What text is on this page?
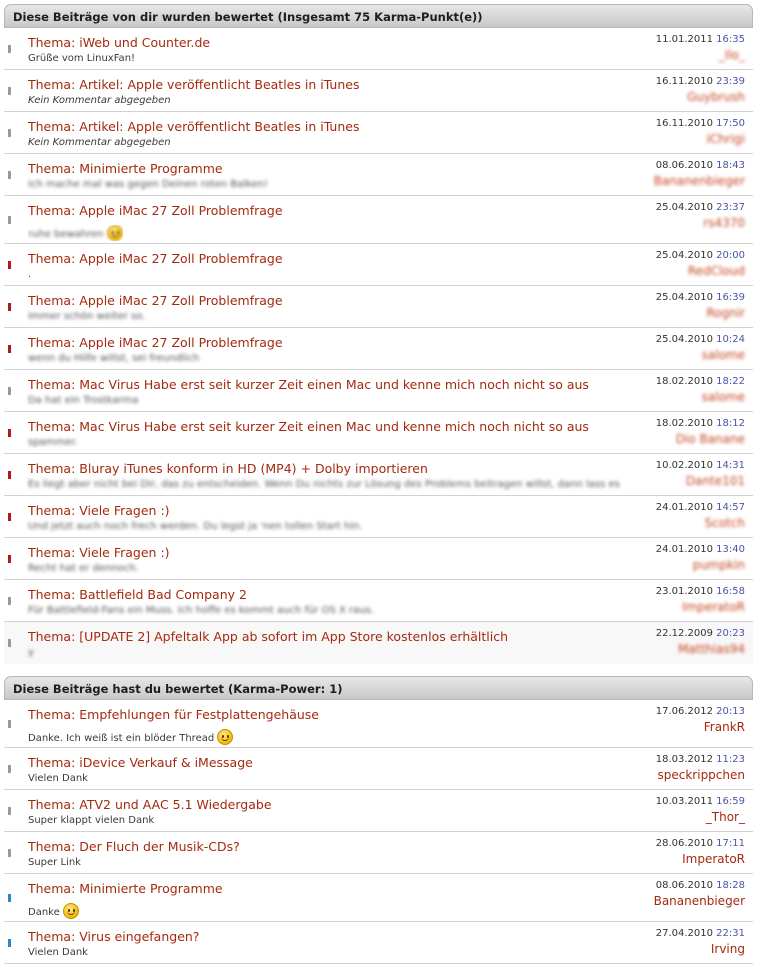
Diese Beiträge von dir wurden bewertet (Insgesamt 75 Karma-Punkt(e))
Thema: iWeb und Counter.de
Grüße vom LinuxFan!
11.01.2011 16:35
_Ilo_
Thema: Artikel: Apple veröffentlicht Beatles in iTunes
Kein Kommentar abgegeben
16.11.2010 23:39
Guybrush
Thema: Artikel: Apple veröffentlicht Beatles in iTunes
Kein Kommentar abgegeben
16.11.2010 17:50
iChrigi
Thema: Minimierte Programme
Ich mache mal was gegen Deinen roten Balken!
08.06.2010 18:43
Bananenbieger
Thema: Apple iMac 27 Zoll Problemfrage
ruhe bewahren
25.04.2010 23:37
rs4370
Thema: Apple iMac 27 Zoll Problemfrage
.
25.04.2010 20:00
RedCloud
Thema: Apple iMac 27 Zoll Problemfrage
Immer schön weiter so.
25.04.2010 16:39
Rognir
Thema: Apple iMac 27 Zoll Problemfrage
wenn du Hilfe willst, sei freundlich
25.04.2010 10:24
salome
Thema: Mac Virus Habe erst seit kurzer Zeit einen Mac und kenne mich noch nicht so aus
Da hat ein Trostkarma
18.02.2010 18:22
salome
Thema: Mac Virus Habe erst seit kurzer Zeit einen Mac und kenne mich noch nicht so aus
spammer.
18.02.2010 18:12
Dio Banane
Thema: Bluray iTunes konform in HD (MP4) + Dolby importieren
Es liegt aber nicht bei Dir, das zu entscheiden. Wenn Du nichts zur Lösung des Problems beitragen willst, dann lass es
10.02.2010 14:31
Dante101
Thema: Viele Fragen :)
Und jetzt auch noch frech werden. Du legst ja 'nen tollen Start hin.
24.01.2010 14:57
Scotch
Thema: Viele Fragen :)
Recht hat er dennoch.
24.01.2010 13:40
pumpkin
Thema: Battlefield Bad Company 2
Für Battlefield-Fans ein Muss. Ich hoffe es kommt auch für OS X raus.
23.01.2010 16:58
ImperatoR
Thema: [UPDATE 2] Apfeltalk App ab sofort im App Store kostenlos erhältlich
y
22.12.2009 20:23
Matthias94
Diese Beiträge hast du bewertet (Karma-Power: 1)
Thema: Empfehlungen für Festplattengehäuse
Danke. Ich weiß ist ein blöder Thread
17.06.2012 20:13
FrankR
Thema: iDevice Verkauf & iMessage
Vielen Dank
18.03.2012 11:23
speckrippchen
Thema: ATV2 und AAC 5.1 Wiedergabe
Super klappt vielen Dank
10.03.2011 16:59
_Thor_
Thema: Der Fluch der Musik-CDs?
Super Link
28.06.2010 17:11
ImperatoR
Thema: Minimierte Programme
Danke
08.06.2010 18:28
Bananenbieger
Thema: Virus eingefangen?
Vielen Dank
27.04.2010 22:31
Irving
